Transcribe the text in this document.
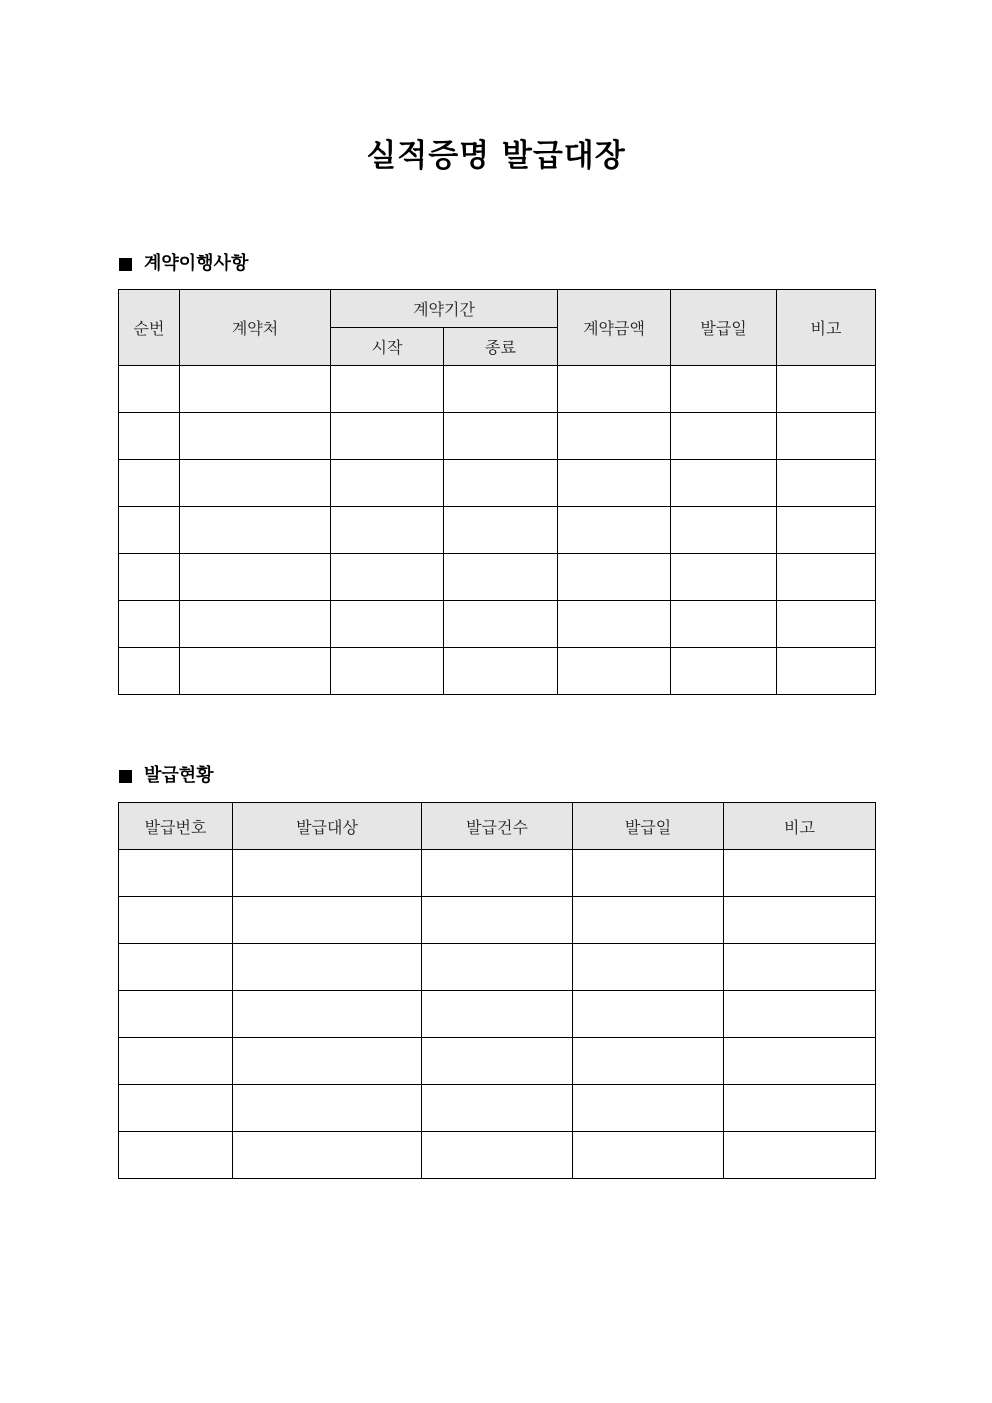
실적증명 발급대장
계약이행사항
순번	계약처	계약기간		계약금액	발급일	비고
		시작	종료			

발급현황
발급번호	발급대상	발급건수	발급일	비고
